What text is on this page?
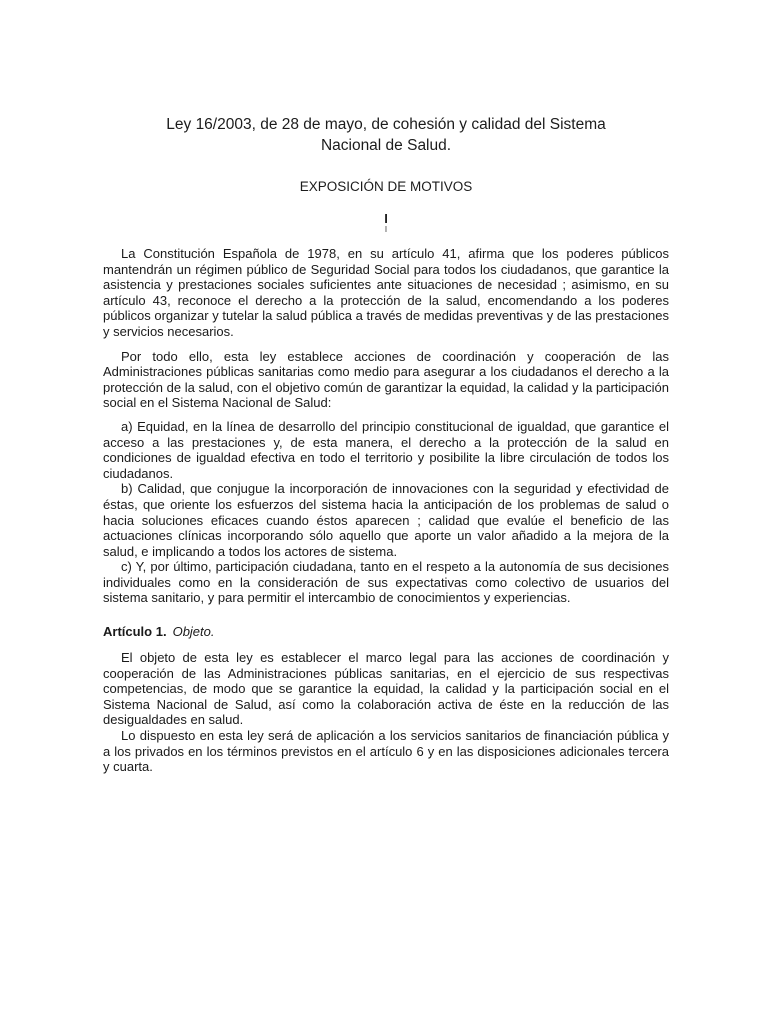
Ley 16/2003, de 28 de mayo, de cohesión y calidad del Sistema
Nacional de Salud.
EXPOSICIÓN DE MOTIVOS
I
I

La Constitución Española de 1978, en su artículo 41, afirma que los poderes públicos mantendrán un régimen público de Seguridad Social para todos los ciudadanos, que garantice la asistencia y prestaciones sociales suficientes ante situaciones de necesidad ; asimismo, en su artículo 43, reconoce el derecho a la protección de la salud, encomendando a los poderes públicos organizar y tutelar la salud pública a través de medidas preventivas y de las prestaciones y servicios necesarios.

Por todo ello, esta ley establece acciones de coordinación y cooperación de las Administraciones públicas sanitarias como medio para asegurar a los ciudadanos el derecho a la protección de la salud, con el objetivo común de garantizar la equidad, la calidad y la participación social en el Sistema Nacional de Salud:

a) Equidad, en la línea de desarrollo del principio constitucional de igualdad, que garantice el acceso a las prestaciones y, de esta manera, el derecho a la protección de la salud en condiciones de igualdad efectiva en todo el territorio y posibilite la libre circulación de todos los ciudadanos.

b) Calidad, que conjugue la incorporación de innovaciones con la seguridad y efectividad de éstas, que oriente los esfuerzos del sistema hacia la anticipación de los problemas de salud o hacia soluciones eficaces cuando éstos aparecen ; calidad que evalúe el beneficio de las actuaciones clínicas incorporando sólo aquello que aporte un valor añadido a la mejora de la salud, e implicando a todos los actores de sistema.

c) Y, por último, participación ciudadana, tanto en el respeto a la autonomía de sus decisiones individuales como en la consideración de sus expectativas como colectivo de usuarios del sistema sanitario, y para permitir el intercambio de conocimientos y experiencias.

Artículo 1. Objeto.

El objeto de esta ley es establecer el marco legal para las acciones de coordinación y cooperación de las Administraciones públicas sanitarias, en el ejercicio de sus respectivas competencias, de modo que se garantice la equidad, la calidad y la participación social en el Sistema Nacional de Salud, así como la colaboración activa de éste en la reducción de las desigualdades en salud.

Lo dispuesto en esta ley será de aplicación a los servicios sanitarios de financiación pública y a los privados en los términos previstos en el artículo 6 y en las disposiciones adicionales tercera y cuarta.
